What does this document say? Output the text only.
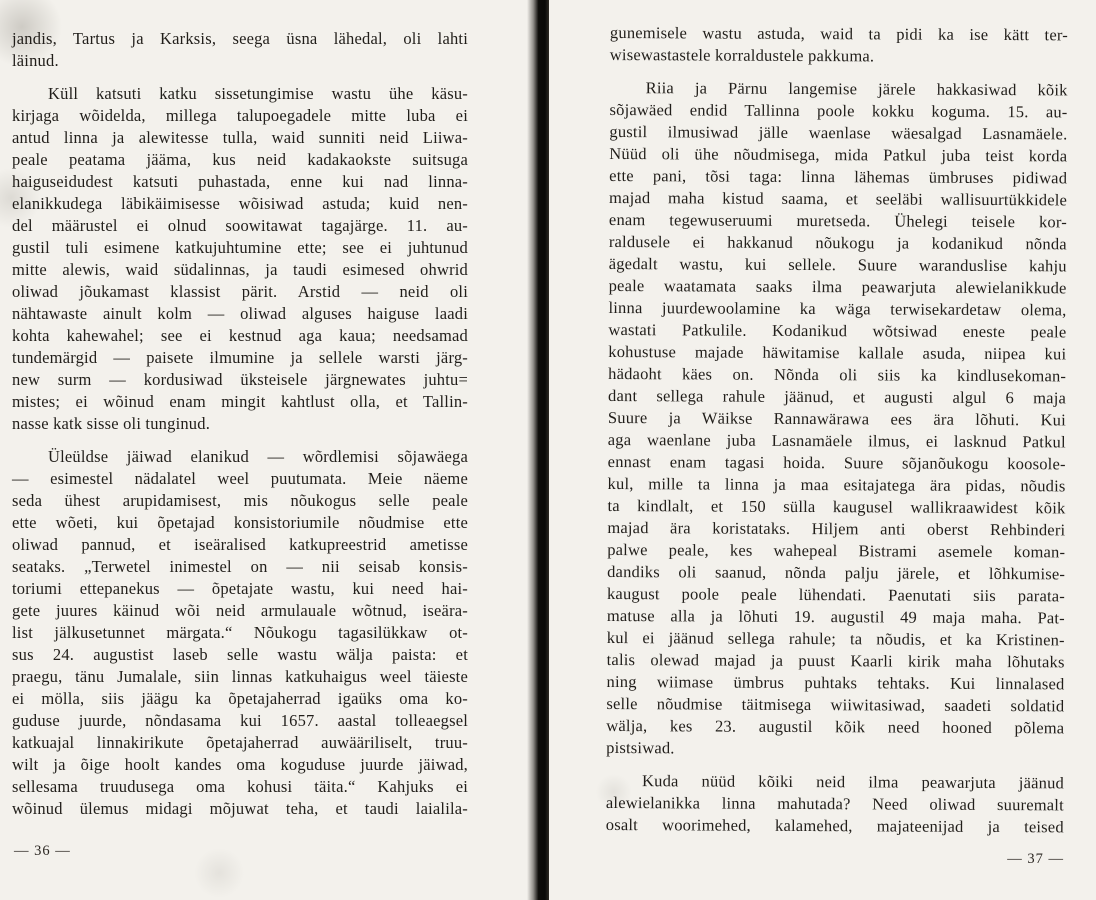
jandis, Tartus ja Karksis, seega üsna lähedal, oli lahti
läinud.
Küll katsuti katku sissetungimise wastu ühe käsu-
kirjaga wõidelda, millega talupoegadele mitte luba ei
antud linna ja alewitesse tulla, waid sunniti neid Liiwa-
peale peatama jääma, kus neid kadakaokste suitsuga
haiguseidudest katsuti puhastada, enne kui nad linna-
elanikkudega läbikäimisesse wõisiwad astuda; kuid nen-
del määrustel ei olnud soowitawat tagajärge. 11. au-
gustil tuli esimene katkujuhtumine ette; see ei juhtunud
mitte alewis, waid südalinnas, ja taudi esimesed ohwrid
oliwad jõukamast klassist pärit. Arstid — neid oli
nähtawaste ainult kolm — oliwad alguses haiguse laadi
kohta kahewahel; see ei kestnud aga kaua; needsamad
tundemärgid — paisete ilmumine ja sellele warsti järg-
new surm — kordusiwad üksteisele järgnewates juhtu=
mistes; ei wõinud enam mingit kahtlust olla, et Tallin-
nasse katk sisse oli tunginud.
Üleüldse jäiwad elanikud — wõrdlemisi sõjawäega
— esimestel nädalatel weel puutumata. Meie näeme
seda ühest arupidamisest, mis nõukogus selle peale
ette wõeti, kui õpetajad konsistoriumile nõudmise ette
oliwad pannud, et iseäralised katkupreestrid ametisse
seataks. „Terwetel inimestel on — nii seisab konsis-
toriumi ettepanekus — õpetajate wastu, kui need hai-
gete juures käinud wõi neid armulauale wõtnud, iseära-
list jälkusetunnet märgata.“ Nõukogu tagasilükkaw ot-
sus 24. augustist laseb selle wastu wälja paista: et
praegu, tänu Jumalale, siin linnas katkuhaigus weel täieste
ei mölla, siis jäägu ka õpetajaherrad igaüks oma ko-
guduse juurde, nõndasama kui 1657. aastal tolleaegsel
katkuajal linnakirikute õpetajaherrad auwääriliselt, truu-
wilt ja õige hoolt kandes oma koguduse juurde jäiwad,
sellesama truudusega oma kohusi täita.“ Kahjuks ei
wõinud ülemus midagi mõjuwat teha, et taudi laialila-
— 36 —
gunemisele wastu astuda, waid ta pidi ka ise kätt ter-
wisewastastele korraldustele pakkuma.
Riia ja Pärnu langemise järele hakkasiwad kõik
sõjawäed endid Tallinna poole kokku koguma. 15. au-
gustil ilmusiwad jälle waenlase wäesalgad Lasnamäele.
Nüüd oli ühe nõudmisega, mida Patkul juba teist korda
ette pani, tõsi taga: linna lähemas ümbruses pidiwad
majad maha kistud saama, et seeläbi wallisuurtükkidele
enam tegewuseruumi muretseda. Ühelegi teisele kor-
raldusele ei hakkanud nõukogu ja kodanikud nõnda
ägedalt wastu, kui sellele. Suure waranduslise kahju
peale waatamata saaks ilma peawarjuta alewielanikkude
linna juurdewoolamine ka wäga terwisekardetaw olema,
wastati Patkulile. Kodanikud wõtsiwad eneste peale
kohustuse majade häwitamise kallale asuda, niipea kui
hädaoht käes on. Nõnda oli siis ka kindlusekoman-
dant sellega rahule jäänud, et augusti algul 6 maja
Suure ja Wäikse Rannawärawa ees ära lõhuti. Kui
aga waenlane juba Lasnamäele ilmus, ei lasknud Patkul
ennast enam tagasi hoida. Suure sõjanõukogu koosole-
kul, mille ta linna ja maa esitajatega ära pidas, nõudis
ta kindlalt, et 150 sülla kaugusel wallikraawidest kõik
majad ära koristataks. Hiljem anti oberst Rehbinderi
palwe peale, kes wahepeal Bistrami asemele koman-
dandiks oli saanud, nõnda palju järele, et lõhkumise-
kaugust poole peale lühendati. Paenutati siis parata-
matuse alla ja lõhuti 19. augustil 49 maja maha. Pat-
kul ei jäänud sellega rahule; ta nõudis, et ka Kristinen-
talis olewad majad ja puust Kaarli kirik maha lõhutaks
ning wiimase ümbrus puhtaks tehtaks. Kui linnalased
selle nõudmise täitmisega wiiwitasiwad, saadeti soldatid
wälja, kes 23. augustil kõik need hooned põlema
pistsiwad.
Kuda nüüd kõiki neid ilma peawarjuta jäänud
alewielanikka linna mahutada? Need oliwad suuremalt
osalt woorimehed, kalamehed, majateenijad ja teised
— 37 —
